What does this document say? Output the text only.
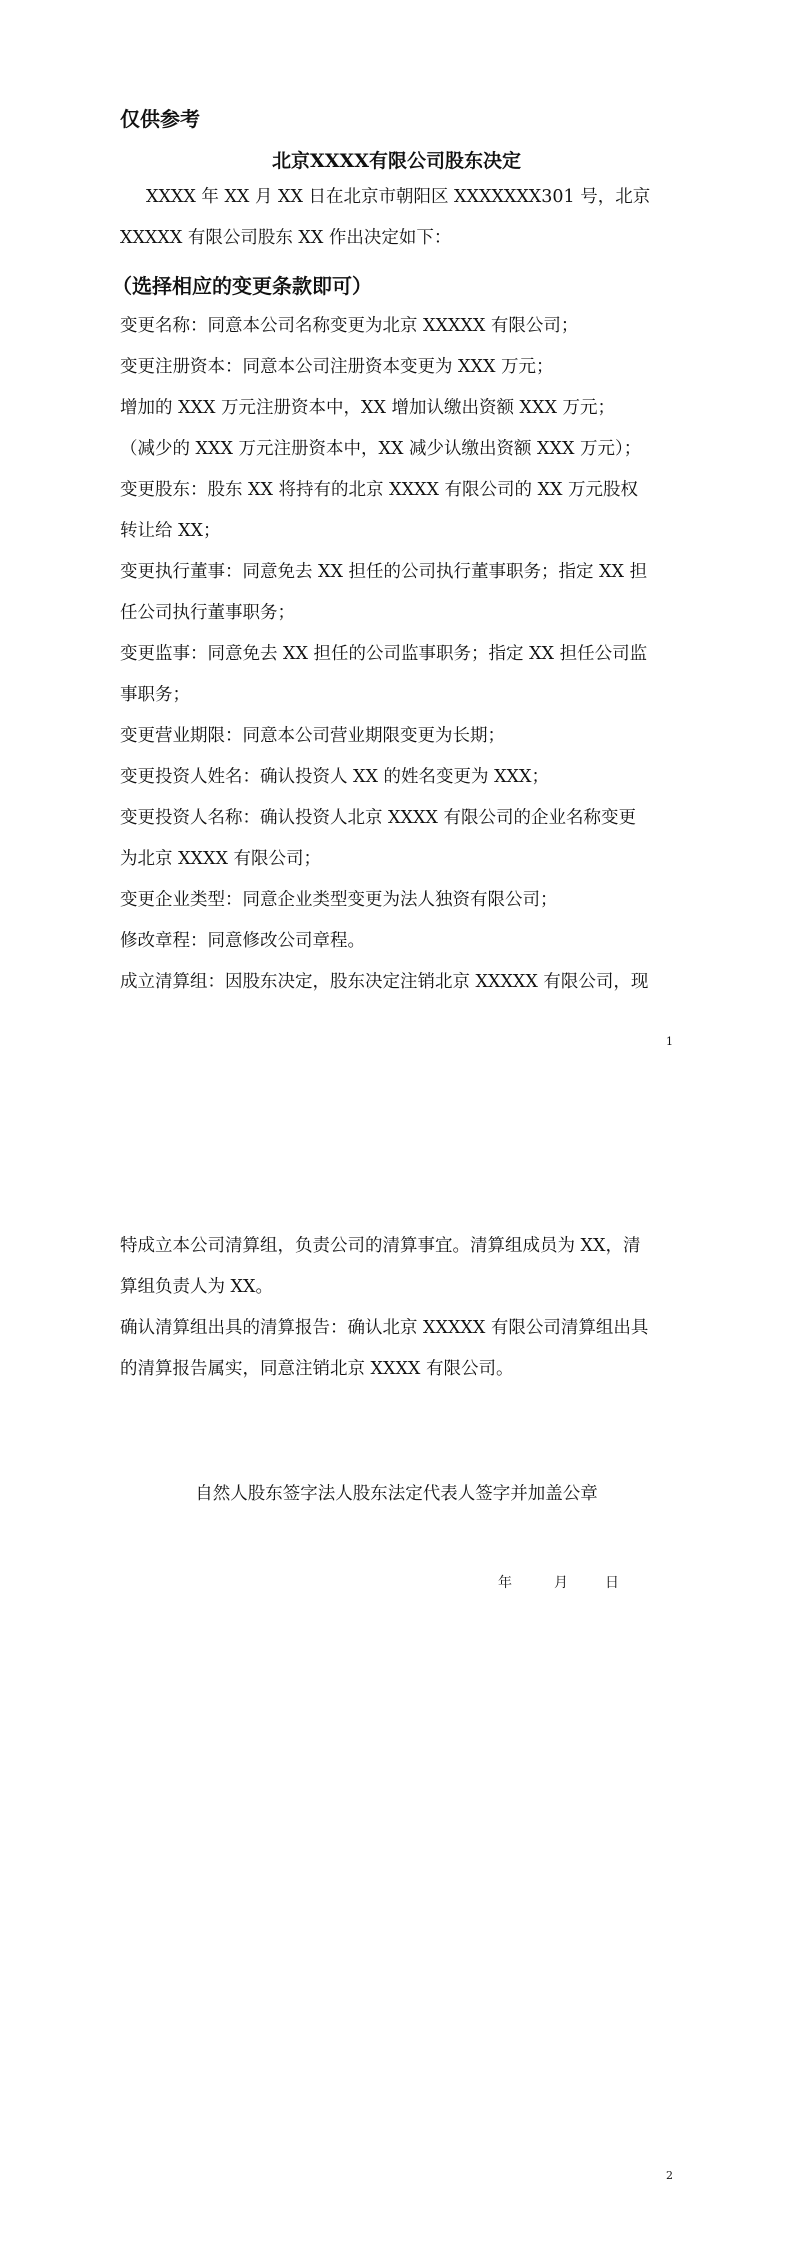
仅供参考
北京XXXX有限公司股东决定
XXXX 年 XX 月 XX 日在北京市朝阳区 XXXXXXX301 号，北京
XXXXX 有限公司股东 XX 作出决定如下：
（选择相应的变更条款即可）
变更名称：同意本公司名称变更为北京 XXXXX 有限公司；
变更注册资本：同意本公司注册资本变更为 XXX 万元；
增加的 XXX 万元注册资本中，XX 增加认缴出资额 XXX 万元；
（减少的 XXX 万元注册资本中，XX 减少认缴出资额 XXX 万元）；
变更股东：股东 XX 将持有的北京 XXXX 有限公司的 XX 万元股权
转让给 XX；
变更执行董事：同意免去 XX 担任的公司执行董事职务；指定 XX 担
任公司执行董事职务；
变更监事：同意免去 XX 担任的公司监事职务；指定 XX 担任公司监
事职务；
变更营业期限：同意本公司营业期限变更为长期；
变更投资人姓名：确认投资人 XX 的姓名变更为 XXX；
变更投资人名称：确认投资人北京 XXXX 有限公司的企业名称变更
为北京 XXXX 有限公司；
变更企业类型：同意企业类型变更为法人独资有限公司；
修改章程：同意修改公司章程。
成立清算组：因股东决定，股东决定注销北京 XXXXX 有限公司，现
1
特成立本公司清算组，负责公司的清算事宜。清算组成员为 XX，清
算组负责人为 XX。
确认清算组出具的清算报告：确认北京 XXXXX 有限公司清算组出具
的清算报告属实，同意注销北京 XXXX 有限公司。
自然人股东签字法人股东法定代表人签字并加盖公章
年	月	日
2
